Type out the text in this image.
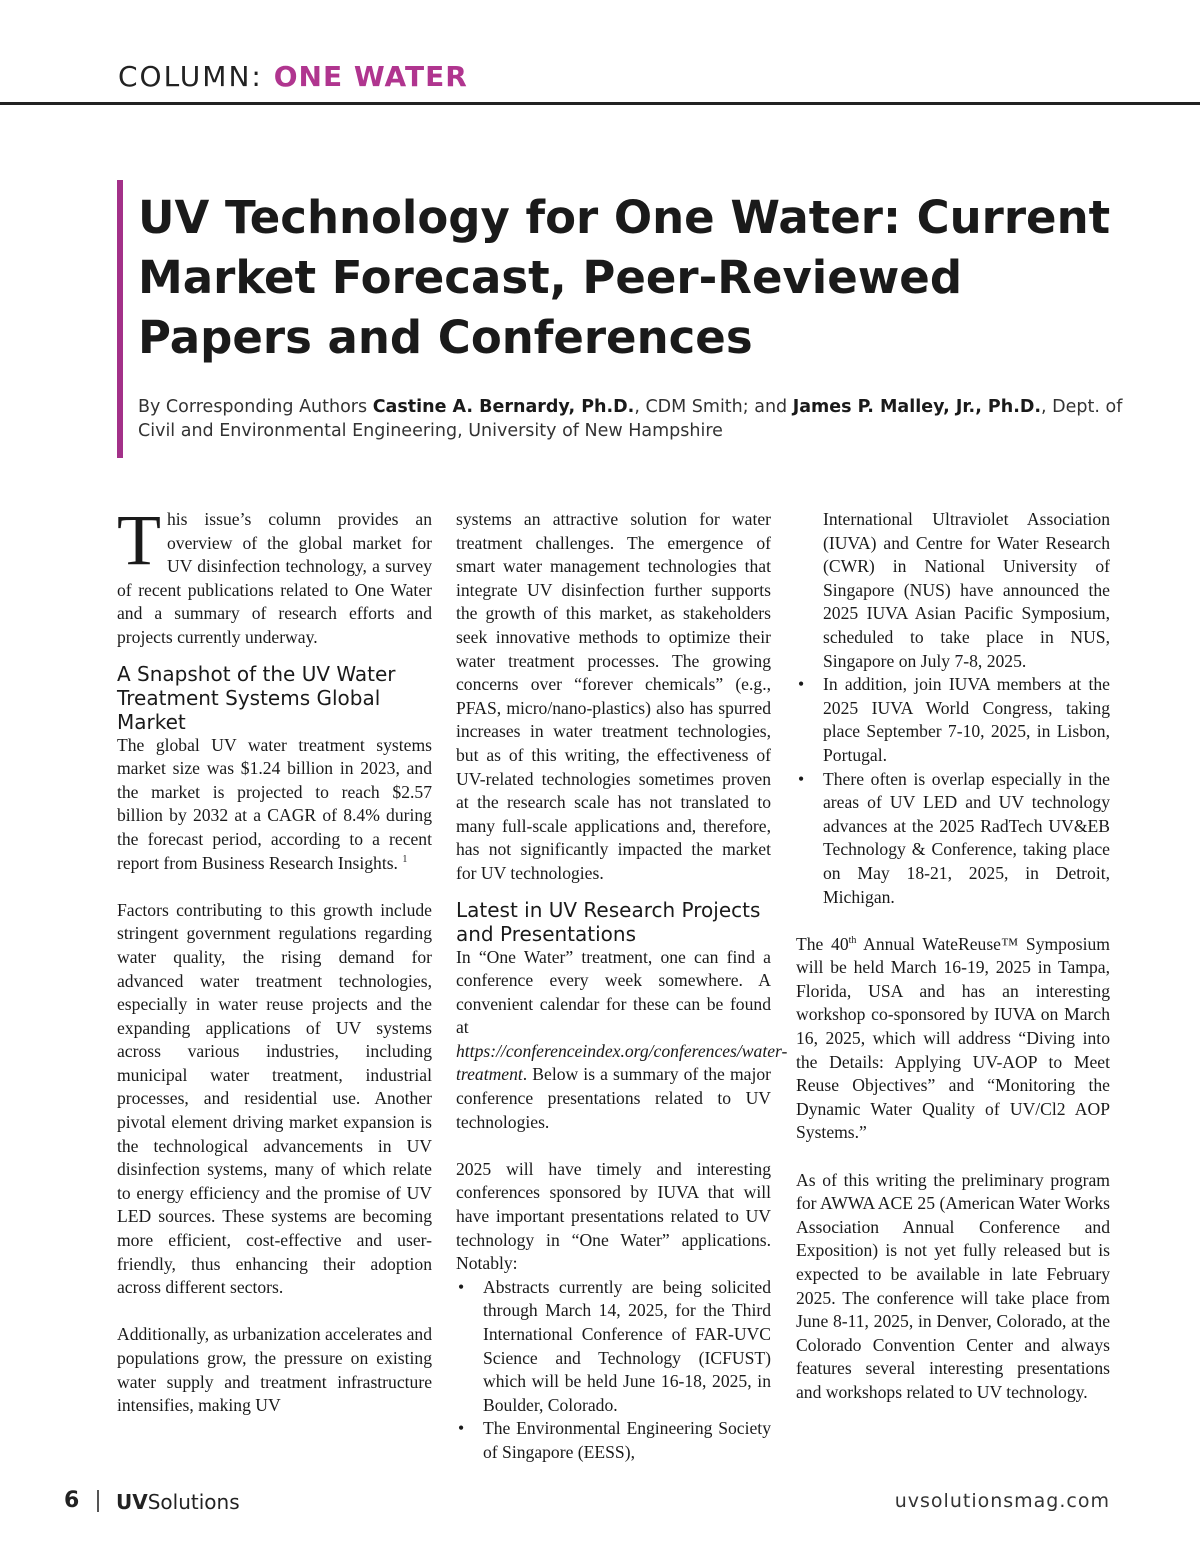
COLUMN: ONE WATER
UV Technology for One Water: Current Market Forecast, Peer-Reviewed Papers and Conferences
By Corresponding Authors Castine A. Bernardy, Ph.D., CDM Smith; and James P. Malley, Jr., Ph.D., Dept. of Civil and Environmental Engineering, University of New Hampshire

This issue’s column provides an overview of the global market for UV disinfection technology, a survey of recent publications related to One Water and a summary of research efforts and projects currently underway.

A Snapshot of the UV Water Treatment Systems Global Market

The global UV water treatment systems market size was $1.24 billion in 2023, and the market is projected to reach $2.57 billion by 2032 at a CAGR of 8.4% during the forecast period, according to a recent report from Business Research Insights. $^1$

Factors contributing to this growth include stringent government regulations regarding water quality, the rising demand for advanced water treatment technologies, especially in water reuse projects and the expanding applications of UV systems across various industries, including municipal water treatment, industrial processes, and residential use. Another pivotal element driving market expansion is the technological advancements in UV disinfection systems, many of which relate to energy efficiency and the promise of UV LED sources. These systems are becoming more efficient, cost-effective and user-friendly, thus enhancing their adoption across different sectors.

Additionally, as urbanization accelerates and populations grow, the pressure on existing water supply and treatment infrastructure intensifies, making UV

systems an attractive solution for water treatment challenges. The emergence of smart water management technologies that integrate UV disinfection further supports the growth of this market, as stakeholders seek innovative methods to optimize their water treatment processes. The growing concerns over “forever chemicals” (e.g., PFAS, micro/nano-plastics) also has spurred increases in water treatment technologies, but as of this writing, the effectiveness of UV-related technologies sometimes proven at the research scale has not translated to many full-scale applications and, therefore, has not significantly impacted the market for UV technologies.

Latest in UV Research Projects and Presentations

In “One Water” treatment, one can find a conference every week somewhere. A convenient calendar for these can be found at https://conferenceindex.org/conferences/water-treatment. Below is a summary of the major conference presentations related to UV technologies.

2025 will have timely and interesting conferences sponsored by IUVA that will have important presentations related to UV technology in “One Water” applications. Notably:

• Abstracts currently are being solicited through March 14, 2025, for the Third International Conference of FAR-UVC Science and Technology (ICFUST) which will be held June 16-18, 2025, in Boulder, Colorado.
• The Environmental Engineering Society of Singapore (EESS),
International Ultraviolet Association (IUVA) and Centre for Water Research (CWR) in National University of Singapore (NUS) have announced the 2025 IUVA Asian Pacific Symposium, scheduled to take place in NUS, Singapore on July 7-8, 2025.
• In addition, join IUVA members at the 2025 IUVA World Congress, taking place September 7-10, 2025, in Lisbon, Portugal.
• There often is overlap especially in the areas of UV LED and UV technology advances at the 2025 RadTech UV&EB Technology & Conference, taking place on May 18-21, 2025, in Detroit, Michigan.

The 40th Annual WateReuse™ Symposium will be held March 16-19, 2025 in Tampa, Florida, USA and has an interesting workshop co-sponsored by IUVA on March 16, 2025, which will address “Diving into the Details: Applying UV-AOP to Meet Reuse Objectives” and “Monitoring the Dynamic Water Quality of UV/Cl2 AOP Systems.”

As of this writing the preliminary program for AWWA ACE 25 (American Water Works Association Annual Conference and Exposition) is not yet fully released but is expected to be available in late February 2025. The conference will take place from June 8-11, 2025, in Denver, Colorado, at the Colorado Convention Center and always features several interesting presentations and workshops related to UV technology.

6 UVSolutions	uvsolutionsmag.com
